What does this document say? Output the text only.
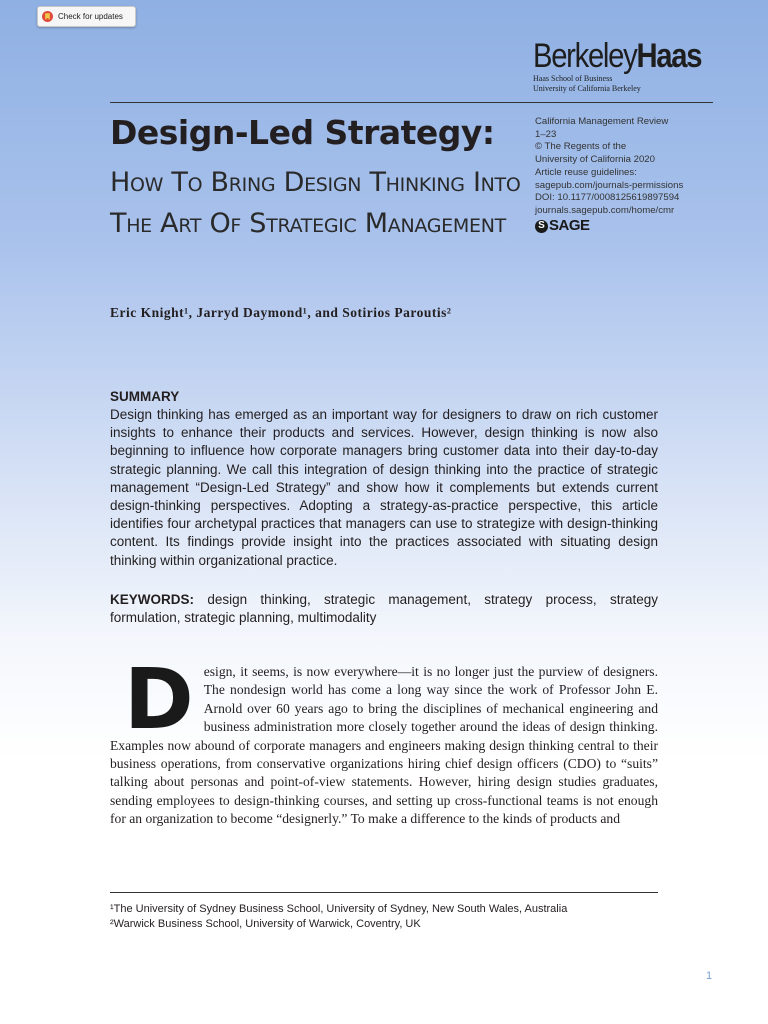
Check for updates
BerkeleyHaas
Haas School of Business
University of California Berkeley
Design-Led Strategy:
How To Bring Design Thinking Into The Art Of Strategic Management
California Management Review
1–23
© The Regents of the
University of California 2020
Article reuse guidelines:
sagepub.com/journals-permissions
DOI: 10.1177/0008125619897594
journals.sagepub.com/home/cmr
S SAGE
Eric Knight¹, Jarryd Daymond¹, and Sotirios Paroutis²
SUMMARY
Design thinking has emerged as an important way for designers to draw on rich customer insights to enhance their products and services. However, design thinking is now also beginning to influence how corporate managers bring customer data into their day-to-day strategic planning. We call this integration of design thinking into the practice of strategic management “Design-Led Strategy” and show how it complements but extends current design-thinking perspectives. Adopting a strategy-as-practice perspective, this article identifies four archetypal practices that managers can use to strategize with design-thinking content. Its findings provide insight into the practices associated with situating design thinking within organizational practice.
KEYWORDS: design thinking, strategic management, strategy process, strategy formulation, strategic planning, multimodality
D esign, it seems, is now everywhere—it is no longer just the purview of designers. The nondesign world has come a long way since the work of Professor John E. Arnold over 60 years ago to bring the disciplines of mechanical engineering and business administration more closely together around the ideas of design thinking. Examples now abound of corporate managers and engineers making design thinking central to their business operations, from conservative organizations hiring chief design officers (CDO) to “suits” talking about personas and point-of-view statements. However, hiring design studies graduates, sending employees to design-thinking courses, and setting up cross-functional teams is not enough for an organization to become “designerly.” To make a difference to the kinds of products and
¹The University of Sydney Business School, University of Sydney, New South Wales, Australia
²Warwick Business School, University of Warwick, Coventry, UK
1
